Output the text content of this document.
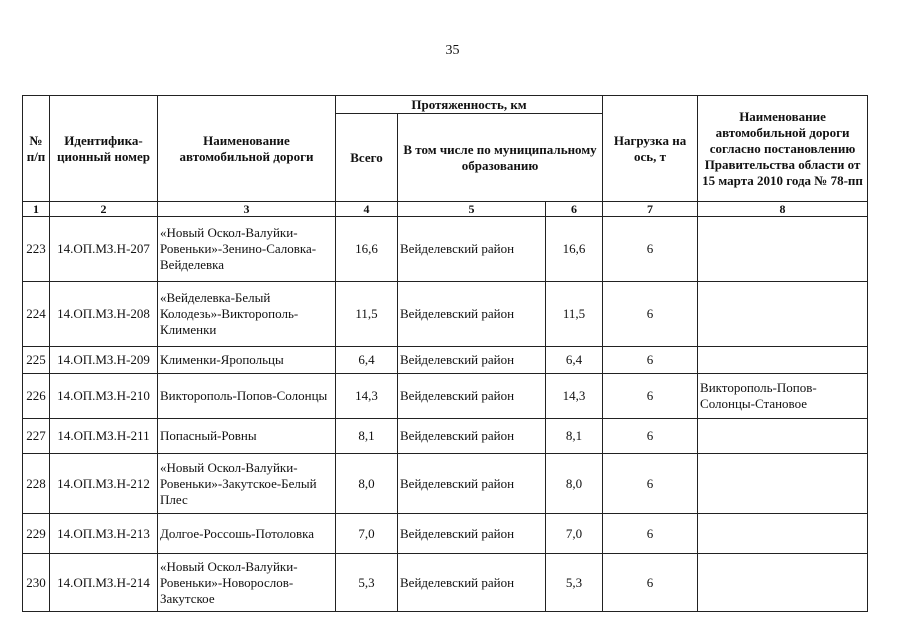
35
№ п/п	Идентифика- ционный номер	Наименование автомобильной дороги	Протяженность, км			Нагрузка на ось, т	Наименование автомобильной дороги согласно постановлению Правительства области от 15 марта 2010 года № 78-пп
			Всего	В том числе по муниципальному образованию			
1	2	3	4	5	6	7	8
223	14.ОП.МЗ.Н-207	«Новый Оскол-Валуйки-Ровеньки»-Зенино-Саловка-Вейделевка	16,6	Вейделевский район	16,6	6	
224	14.ОП.МЗ.Н-208	«Вейделевка-Белый Колодезь»-Викторополь-Клименки	11,5	Вейделевский район	11,5	6	
225	14.ОП.МЗ.Н-209	Клименки-Яропольцы	6,4	Вейделевский район	6,4	6	
226	14.ОП.МЗ.Н-210	Викторополь-Попов-Солонцы	14,3	Вейделевский район	14,3	6	Викторополь-Попов-Солонцы-Становое
227	14.ОП.МЗ.Н-211	Попасный-Ровны	8,1	Вейделевский район	8,1	6	
228	14.ОП.МЗ.Н-212	«Новый Оскол-Валуйки-Ровеньки»-Закутское-Белый Плес	8,0	Вейделевский район	8,0	6	
229	14.ОП.МЗ.Н-213	Долгое-Россошь-Потоловка	7,0	Вейделевский район	7,0	6	
230	14.ОП.МЗ.Н-214	«Новый Оскол-Валуйки-Ровеньки»-Новорослов-Закутское	5,3	Вейделевский район	5,3	6	
